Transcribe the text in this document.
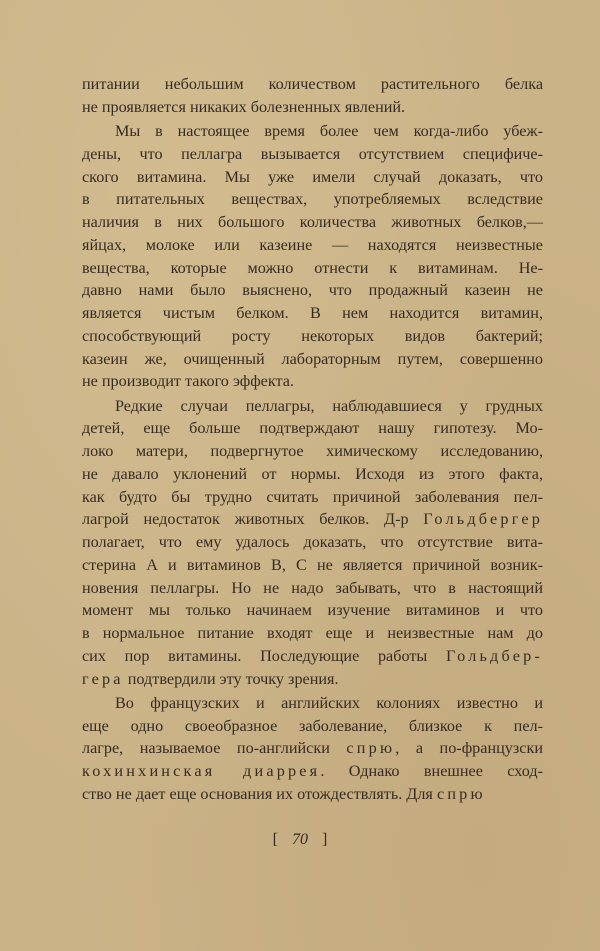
питании небольшим количеством растительного белка
не проявляется никаких болезненных явлений.
Мы в настоящее время более чем когда-либо убеж-
дены, что пеллагра вызывается отсутствием специфиче-
ского витамина. Мы уже имели случай доказать, что
в питательных веществах, употребляемых вследствие
наличия в них большого количества животных белков,—
яйцах, молоке или казеине — находятся неизвестные
вещества, которые можно отнести к витаминам. Не-
давно нами было выяснено, что продажный казеин не
является чистым белком. В нем находится витамин,
способствующий росту некоторых видов бактерий;
казеин же, очищенный лабораторным путем, совершенно
не производит такого эффекта.
Редкие случаи пеллагры, наблюдавшиеся у грудных
детей, еще больше подтверждают нашу гипотезу. Мо-
локо матери, подвергнутое химическому исследованию,
не давало уклонений от нормы. Исходя из этого факта,
как будто бы трудно считать причиной заболевания пел-
лагрой недостаток животных белков. Д-р Гольдбергер
полагает, что ему удалось доказать, что отсутствие вита-
стерина А и витаминов В, С не является причиной возник-
новения пеллагры. Но не надо забывать, что в настоящий
момент мы только начинаем изучение витаминов и что
в нормальное питание входят еще и неизвестные нам до
сих пор витамины. Последующие работы Гольдбер-
гера подтвердили эту точку зрения.
Во французских и английских колониях известно и
еще одно своеобразное заболевание, близкое к пел-
лагре, называемое по-английски спрю, а по-французски
кохинхинская диаррея. Однако внешнее сход-
ство не дает еще основания их отождествлять. Для спрю
[ 70 ]
